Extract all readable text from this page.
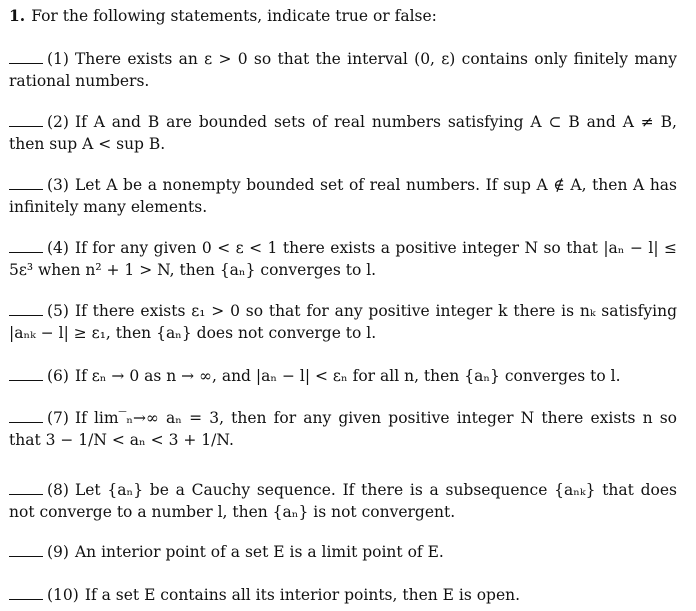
1. For the following statements, indicate true or false:

(1) There exists an ε > 0 so that the interval (0, ε) contains only finitely many rational numbers.

(2) If A and B are bounded sets of real numbers satisfying A ⊂ B and A ≠ B, then sup A < sup B.

(3) Let A be a nonempty bounded set of real numbers. If sup A ∉ A, then A has infinitely many elements.

(4) If for any given 0 < ε < 1 there exists a positive integer N so that |aₙ − l| ≤ 5ε³ when n² + 1 > N, then {aₙ} converges to l.

(5) If there exists ε₁ > 0 so that for any positive integer k there is nₖ satisfying |aₙₖ − l| ≥ ε₁, then {aₙ} does not converge to l.

(6) If εₙ → 0 as n → ∞, and |aₙ − l| < εₙ for all n, then {aₙ} converges to l.

(7) If lim‾ₙ→∞ aₙ = 3, then for any given positive integer N there exists n so that 3 − 1/N < aₙ < 3 + 1/N.

(8) Let {aₙ} be a Cauchy sequence. If there is a subsequence {aₙₖ} that does not converge to a number l, then {aₙ} is not convergent.

(9) An interior point of a set E is a limit point of E.

(10) If a set E contains all its interior points, then E is open.
